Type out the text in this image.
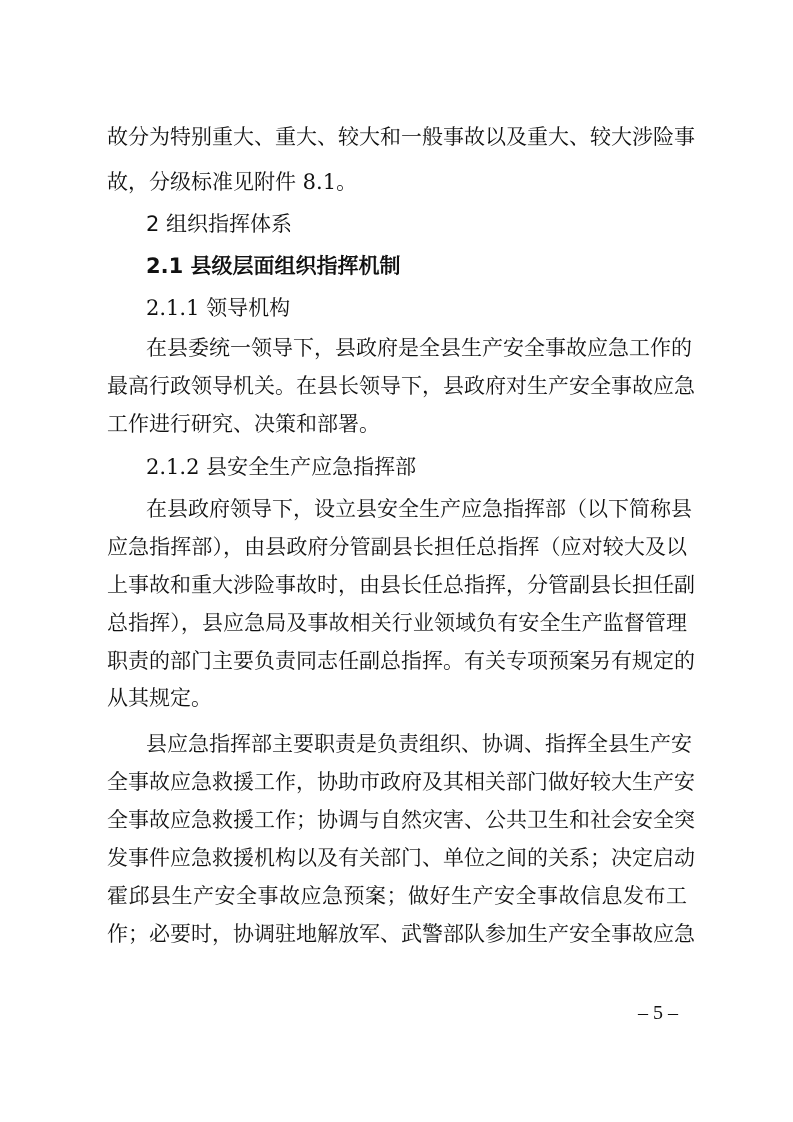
故分为特别重大、重大、较大和一般事故以及重大、较大涉险事
故，分级标准见附件 8.1。
2 组织指挥体系
2.1 县级层面组织指挥机制
2.1.1 领导机构
在县委统一领导下，县政府是全县生产安全事故应急工作的
最高行政领导机关。在县长领导下，县政府对生产安全事故应急
工作进行研究、决策和部署。
2.1.2 县安全生产应急指挥部
在县政府领导下，设立县安全生产应急指挥部（以下简称县
应急指挥部），由县政府分管副县长担任总指挥（应对较大及以
上事故和重大涉险事故时，由县长任总指挥，分管副县长担任副
总指挥），县应急局及事故相关行业领域负有安全生产监督管理
职责的部门主要负责同志任副总指挥。有关专项预案另有规定的
从其规定。
县应急指挥部主要职责是负责组织、协调、指挥全县生产安
全事故应急救援工作，协助市政府及其相关部门做好较大生产安
全事故应急救援工作；协调与自然灾害、公共卫生和社会安全突
发事件应急救援机构以及有关部门、单位之间的关系；决定启动
霍邱县生产安全事故应急预案；做好生产安全事故信息发布工
作；必要时，协调驻地解放军、武警部队参加生产安全事故应急
– 5 –
